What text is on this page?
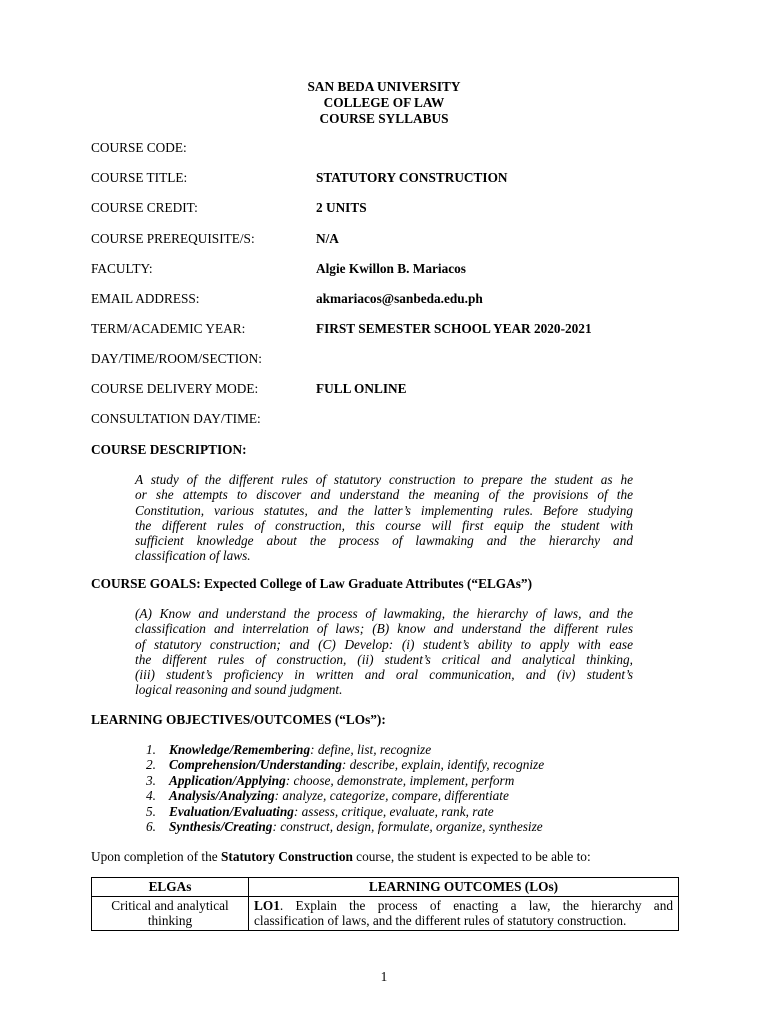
SAN BEDA UNIVERSITY
COLLEGE OF LAW
COURSE SYLLABUS
COURSE CODE:
COURSE TITLE:	STATUTORY CONSTRUCTION
COURSE CREDIT:	2 UNITS
COURSE PREREQUISITE/S:	N/A
FACULTY:	Algie Kwillon B. Mariacos
EMAIL ADDRESS:	akmariacos@sanbeda.edu.ph
TERM/ACADEMIC YEAR:	FIRST SEMESTER SCHOOL YEAR 2020-2021
DAY/TIME/ROOM/SECTION:
COURSE DELIVERY MODE:	FULL ONLINE
CONSULTATION DAY/TIME:
COURSE DESCRIPTION:
A study of the different rules of statutory construction to prepare the student as he
or she attempts to discover and understand the meaning of the provisions of the
Constitution, various statutes, and the latter’s implementing rules. Before studying
the different rules of construction, this course will first equip the student with
sufficient knowledge about the process of lawmaking and the hierarchy and
classification of laws.
COURSE GOALS: Expected College of Law Graduate Attributes (“ELGAs”)
(A) Know and understand the process of lawmaking, the hierarchy of laws, and the
classification and interrelation of laws; (B) know and understand the different rules
of statutory construction; and (C) Develop: (i) student’s ability to apply with ease
the different rules of construction, (ii) student’s critical and analytical thinking,
(iii) student’s proficiency in written and oral communication, and (iv) student’s
logical reasoning and sound judgment.
LEARNING OBJECTIVES/OUTCOMES (“LOs”):
1. Knowledge/Remembering: define, list, recognize
2. Comprehension/Understanding: describe, explain, identify, recognize
3. Application/Applying: choose, demonstrate, implement, perform
4. Analysis/Analyzing: analyze, categorize, compare, differentiate
5. Evaluation/Evaluating: assess, critique, evaluate, rank, rate
6. Synthesis/Creating: construct, design, formulate, organize, synthesize
Upon completion of the Statutory Construction course, the student is expected to be able to:
ELGAs	LEARNING OUTCOMES (LOs)
Critical and analytical thinking	LO1. Explain the process of enacting a law, the hierarchy and
classification of laws, and the different rules of statutory construction.
1
